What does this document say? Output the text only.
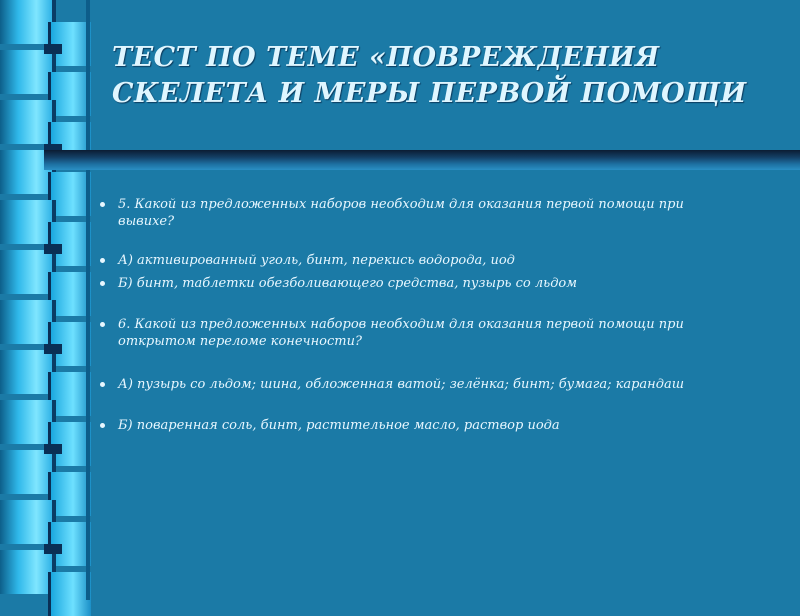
ТЕСТ ПО ТЕМЕ «ПОВРЕЖДЕНИЯ
СКЕЛЕТА И МЕРЫ ПЕРВОЙ ПОМОЩИ
5. Какой из предложенных наборов необходим для оказания первой помощи при вывихе?
А) активированный уголь, бинт, перекись водорода, иод
Б) бинт, таблетки обезболивающего средства, пузырь со льдом
6. Какой из предложенных наборов необходим для оказания первой помощи при открытом переломе конечности?
А) пузырь со льдом; шина, обложенная ватой; зелёнка; бинт; бумага; карандаш
Б) поваренная соль, бинт, растительное масло, раствор иода
